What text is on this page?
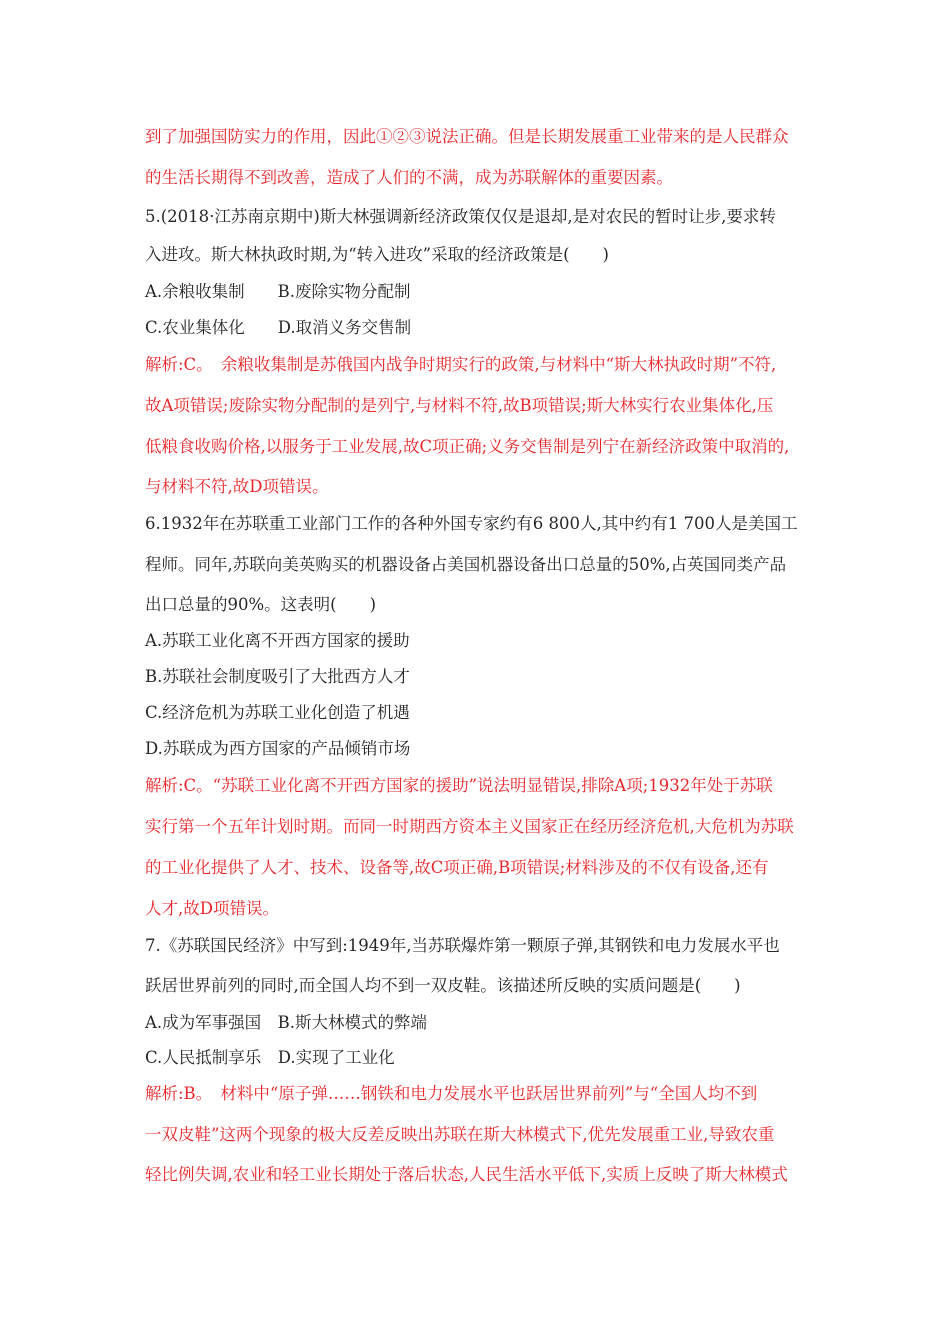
到了加强国防实力的作用，因此①②③说法正确。但是长期发展重工业带来的是人民群众
的生活长期得不到改善，造成了人们的不满，成为苏联解体的重要因素。
5.(2018·江苏南京期中)斯大林强调新经济政策仅仅是退却,是对农民的暂时让步,要求转
入进攻。斯大林执政时期,为“转入进攻”采取的经济政策是(　　)
A.余粮收集制　　B.废除实物分配制
C.农业集体化　　D.取消义务交售制
解析:C。　余粮收集制是苏俄国内战争时期实行的政策,与材料中“斯大林执政时期”不符,
故A项错误;废除实物分配制的是列宁,与材料不符,故B项错误;斯大林实行农业集体化,压
低粮食收购价格,以服务于工业发展,故C项正确;义务交售制是列宁在新经济政策中取消的,
与材料不符,故D项错误。
6.1932年在苏联重工业部门工作的各种外国专家约有6 800人,其中约有1 700人是美国工
程师。同年,苏联向美英购买的机器设备占美国机器设备出口总量的50%,占英国同类产品
出口总量的90%。这表明(　　)
A.苏联工业化离不开西方国家的援助
B.苏联社会制度吸引了大批西方人才
C.经济危机为苏联工业化创造了机遇
D.苏联成为西方国家的产品倾销市场
解析:C。“苏联工业化离不开西方国家的援助”说法明显错误,排除A项;1932年处于苏联
实行第一个五年计划时期。而同一时期西方资本主义国家正在经历经济危机,大危机为苏联
的工业化提供了人才、技术、设备等,故C项正确,B项错误;材料涉及的不仅有设备,还有
人才,故D项错误。
7.《苏联国民经济》中写到:1949年,当苏联爆炸第一颗原子弹,其钢铁和电力发展水平也
跃居世界前列的同时,而全国人均不到一双皮鞋。该描述所反映的实质问题是(　　)
A.成为军事强国　B.斯大林模式的弊端
C.人民抵制享乐　D.实现了工业化
解析:B。　材料中“原子弹……钢铁和电力发展水平也跃居世界前列”与“全国人均不到
一双皮鞋”这两个现象的极大反差反映出苏联在斯大林模式下,优先发展重工业,导致农重
轻比例失调,农业和轻工业长期处于落后状态,人民生活水平低下,实质上反映了斯大林模式
